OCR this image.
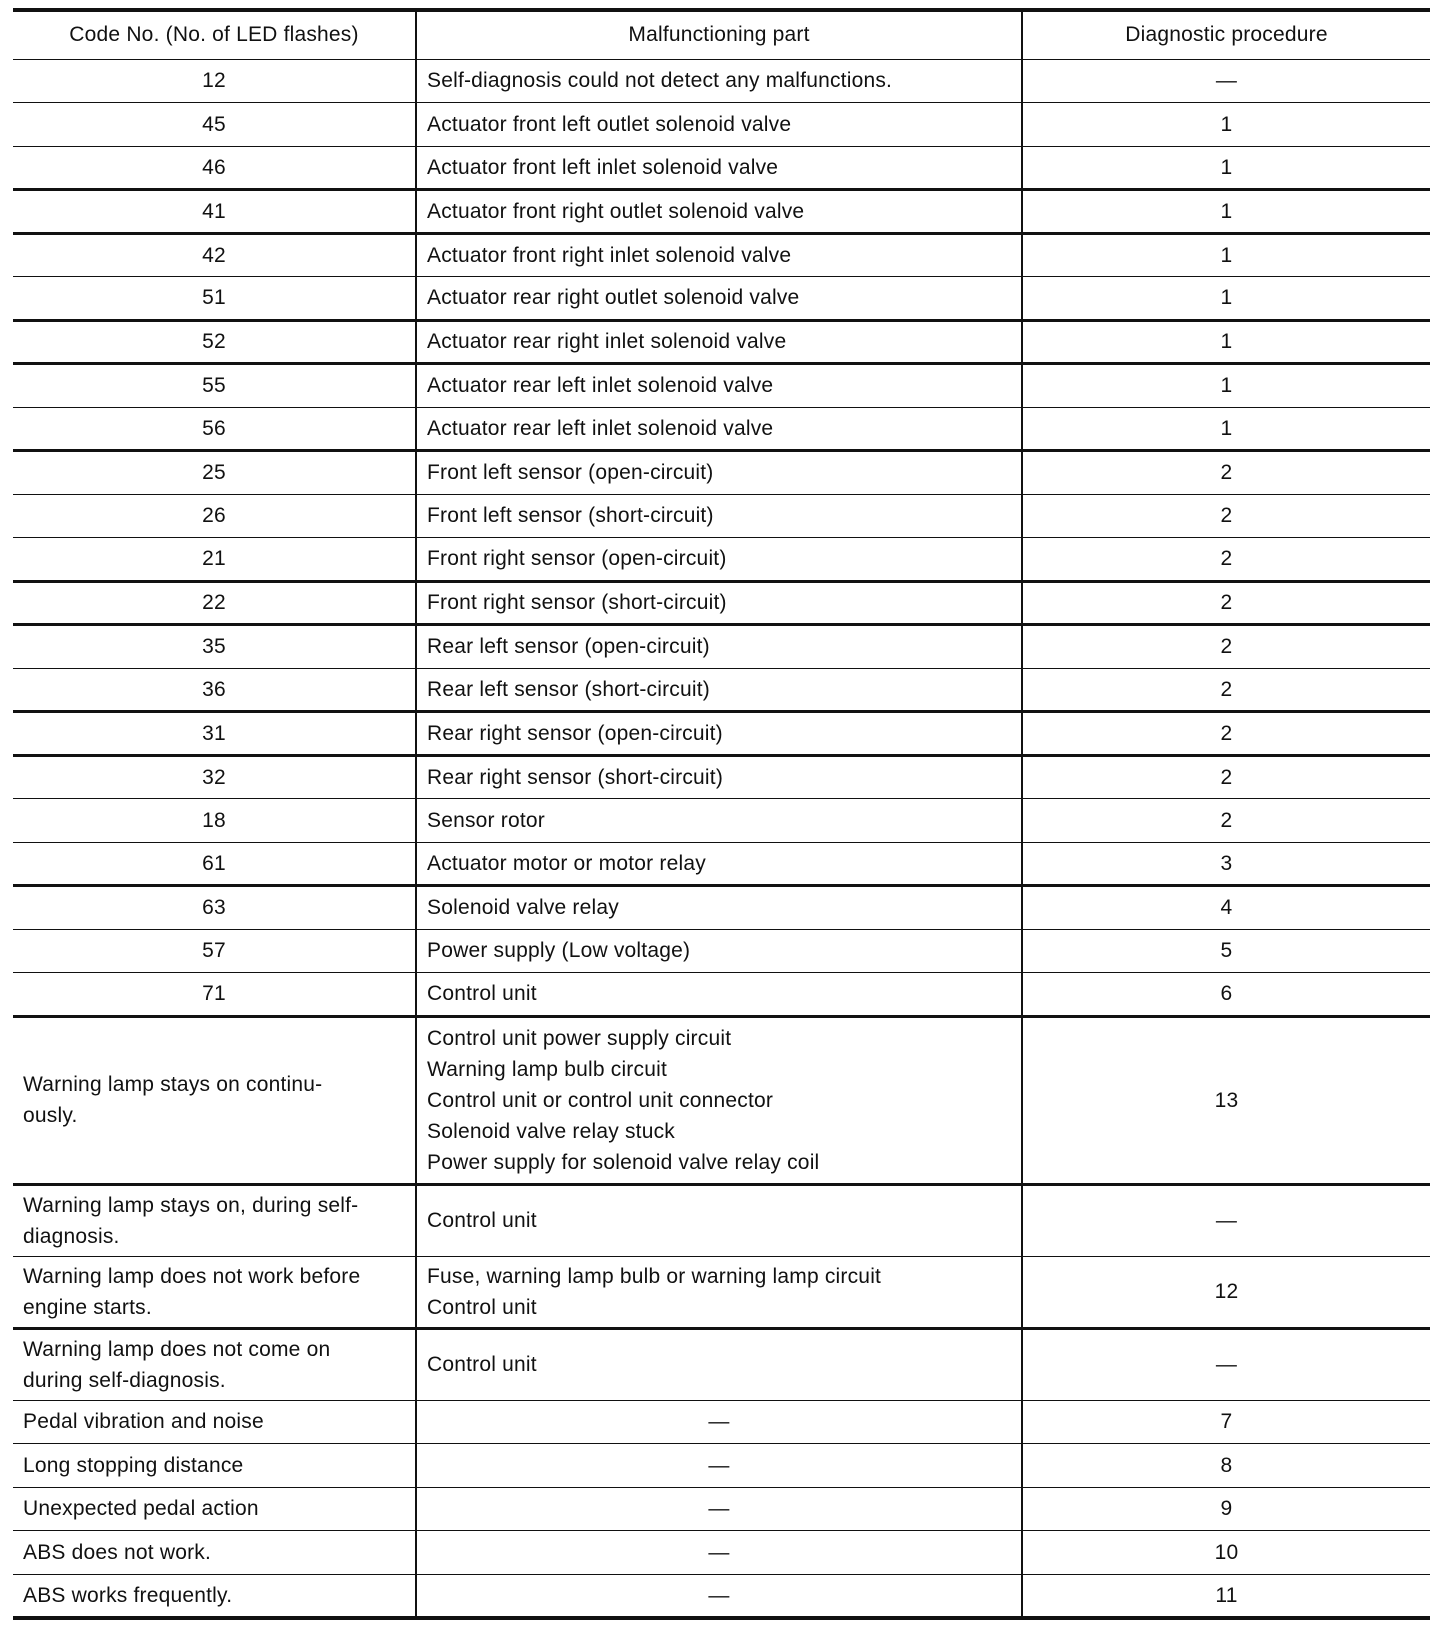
Code No. (No. of LED flashes)	Malfunctioning part	Diagnostic procedure
12	Self-diagnosis could not detect any malfunctions.	—
45	Actuator front left outlet solenoid valve	1
46	Actuator front left inlet solenoid valve	1
41	Actuator front right outlet solenoid valve	1
42	Actuator front right inlet solenoid valve	1
51	Actuator rear right outlet solenoid valve	1
52	Actuator rear right inlet solenoid valve	1
55	Actuator rear left inlet solenoid valve	1
56	Actuator rear left inlet solenoid valve	1
25	Front left sensor (open-circuit)	2
26	Front left sensor (short-circuit)	2
21	Front right sensor (open-circuit)	2
22	Front right sensor (short-circuit)	2
35	Rear left sensor (open-circuit)	2
36	Rear left sensor (short-circuit)	2
31	Rear right sensor (open-circuit)	2
32	Rear right sensor (short-circuit)	2
18	Sensor rotor	2
61	Actuator motor or motor relay	3
63	Solenoid valve relay	4
57	Power supply (Low voltage)	5
71	Control unit	6

Warning lamp stays on continu-
ously.	Control unit power supply circuit
Warning lamp bulb circuit
Control unit or control unit connector
Solenoid valve relay stuck
Power supply for solenoid valve relay coil	13

Warning lamp stays on, during self-
diagnosis.	Control unit	—

Warning lamp does not work before
engine starts.	Fuse, warning lamp bulb or warning lamp circuit
Control unit	12

Warning lamp does not come on
during self-diagnosis.	Control unit	—
Pedal vibration and noise	—	7
Long stopping distance	—	8
Unexpected pedal action	—	9
ABS does not work.	—	10
ABS works frequently.	—	11
